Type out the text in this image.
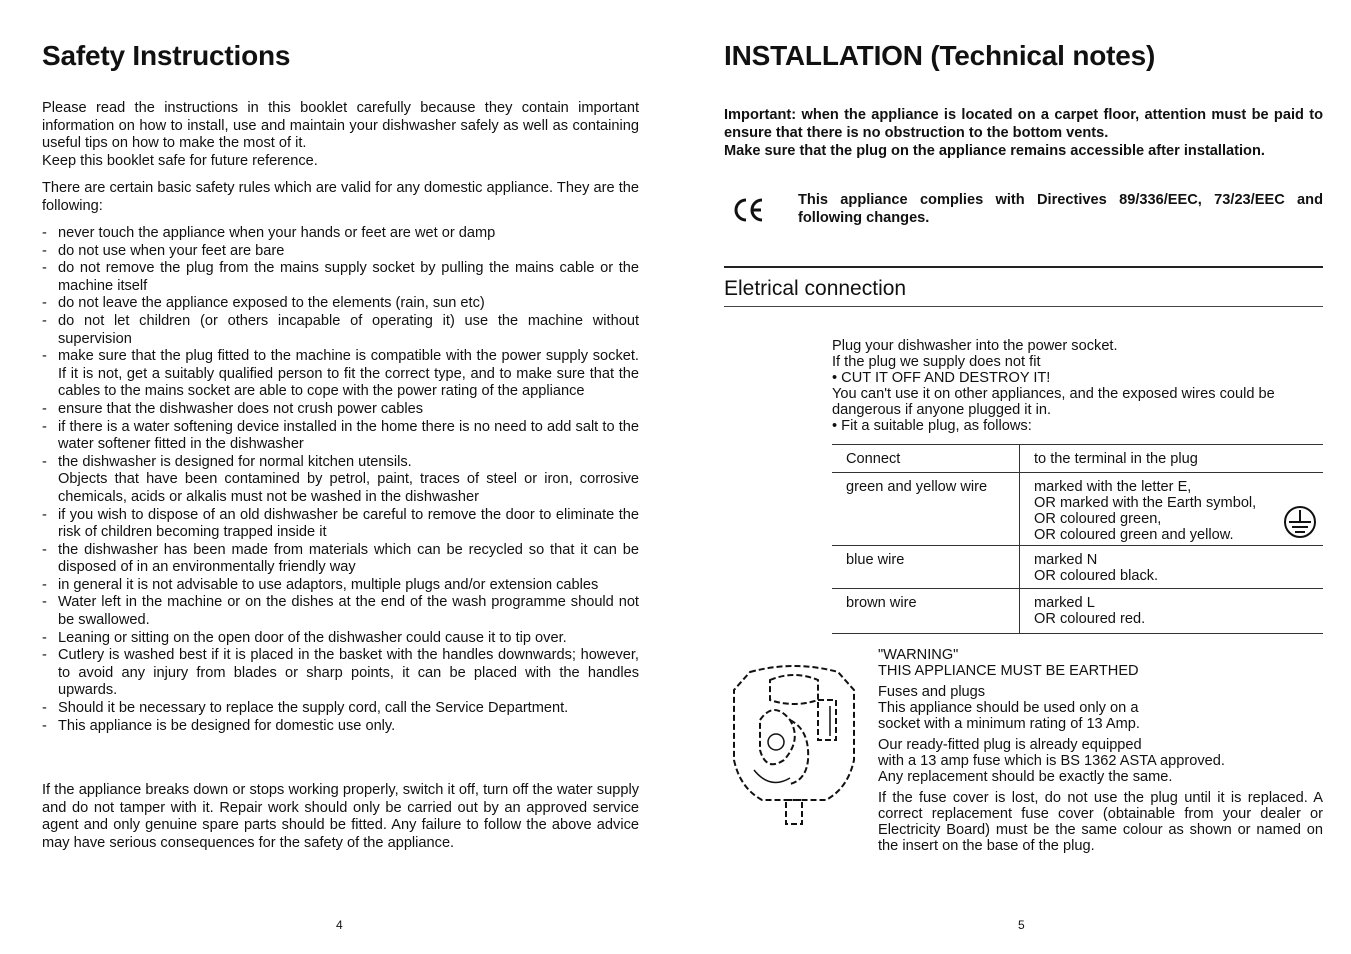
Safety Instructions

Please read the instructions in this booklet carefully because they contain important information on how to install, use and maintain your dishwasher safely as well as containing useful tips on how to make the most of it.

Keep this booklet safe for future reference.

There are certain basic safety rules which are valid for any domestic appliance. They are the following:
- never touch the appliance when your hands or feet are wet or damp
- do not use when your feet are bare
- do not remove the plug from the mains supply socket by pulling the mains cable or the machine itself
- do not leave the appliance exposed to the elements (rain, sun etc)
- do not let children (or others incapable of operating it) use the machine without supervision
- make sure that the plug fitted to the machine is compatible with the power supply socket. If it is not, get a suitably qualified person to fit the correct type, and to make sure that the cables to the mains socket are able to cope with the power rating of the appliance
- ensure that the dishwasher does not crush power cables
- if there is a water softening device installed in the home there is no need to add salt to the water softener fitted in the dishwasher
- the dishwasher is designed for normal kitchen utensils.
Objects that have been contamined by petrol, paint, traces of steel or iron, corrosive chemicals, acids or alkalis must not be washed in the dishwasher
- if you wish to dispose of an old dishwasher be careful to remove the door to eliminate the risk of children becoming trapped inside it
- the dishwasher has been made from materials which can be recycled so that it can be disposed of in an environmentally friendly way
- in general it is not advisable to use adaptors, multiple plugs and/or extension cables
- Water left in the machine or on the dishes at the end of the wash programme should not be swallowed.
- Leaning or sitting on the open door of the dishwasher could cause it to tip over.
- Cutlery is washed best if it is placed in the basket with the handles downwards; however, to avoid any injury from blades or sharp points, it can be placed with the handles upwards.
- Should it be necessary to replace the supply cord, call the Service Department.
- This appliance is be designed for domestic use only.
If the appliance breaks down or stops working properly, switch it off, turn off the water supply and do not tamper with it. Repair work should only be carried out by an approved service agent and only genuine spare parts should be fitted. Any failure to follow the above advice may have serious consequences for the safety of the appliance.
4
INSTALLATION (Technical notes)

Important: when the appliance is located on a carpet floor, attention must be paid to ensure that there is no obstruction to the bottom vents.

Make sure that the plug on the appliance remains accessible after installation.

This appliance complies with Directives 89/336/EEC, 73/23/EEC and following changes.
Eletrical connection
Plug your dishwasher into the power socket.
If the plug we supply does not fit
• CUT IT OFF AND DESTROY IT!
You can't use it on other appliances, and the exposed wires could be dangerous if anyone plugged it in.
• Fit a suitable plug, as follows:
Connect	to the terminal in the plug
green and yellow wire	marked with the letter E,
OR marked with the Earth symbol,
OR coloured green,
OR coloured green and yellow.

blue wire	marked N
OR coloured black.

brown wire	marked L
OR coloured red.
"WARNING"
THIS APPLIANCE MUST BE EARTHED
Fuses and plugs
This appliance should be used only on a
socket with a minimum rating of 13 Amp.
Our ready-fitted plug is already equipped
with a 13 amp fuse which is BS 1362 ASTA approved.
Any replacement should be exactly the same.

If the fuse cover is lost, do not use the plug until it is replaced. A correct replacement fuse cover (obtainable from your dealer or Electricity Board) must be the same colour as shown or named on the insert on the base of the plug.

5
